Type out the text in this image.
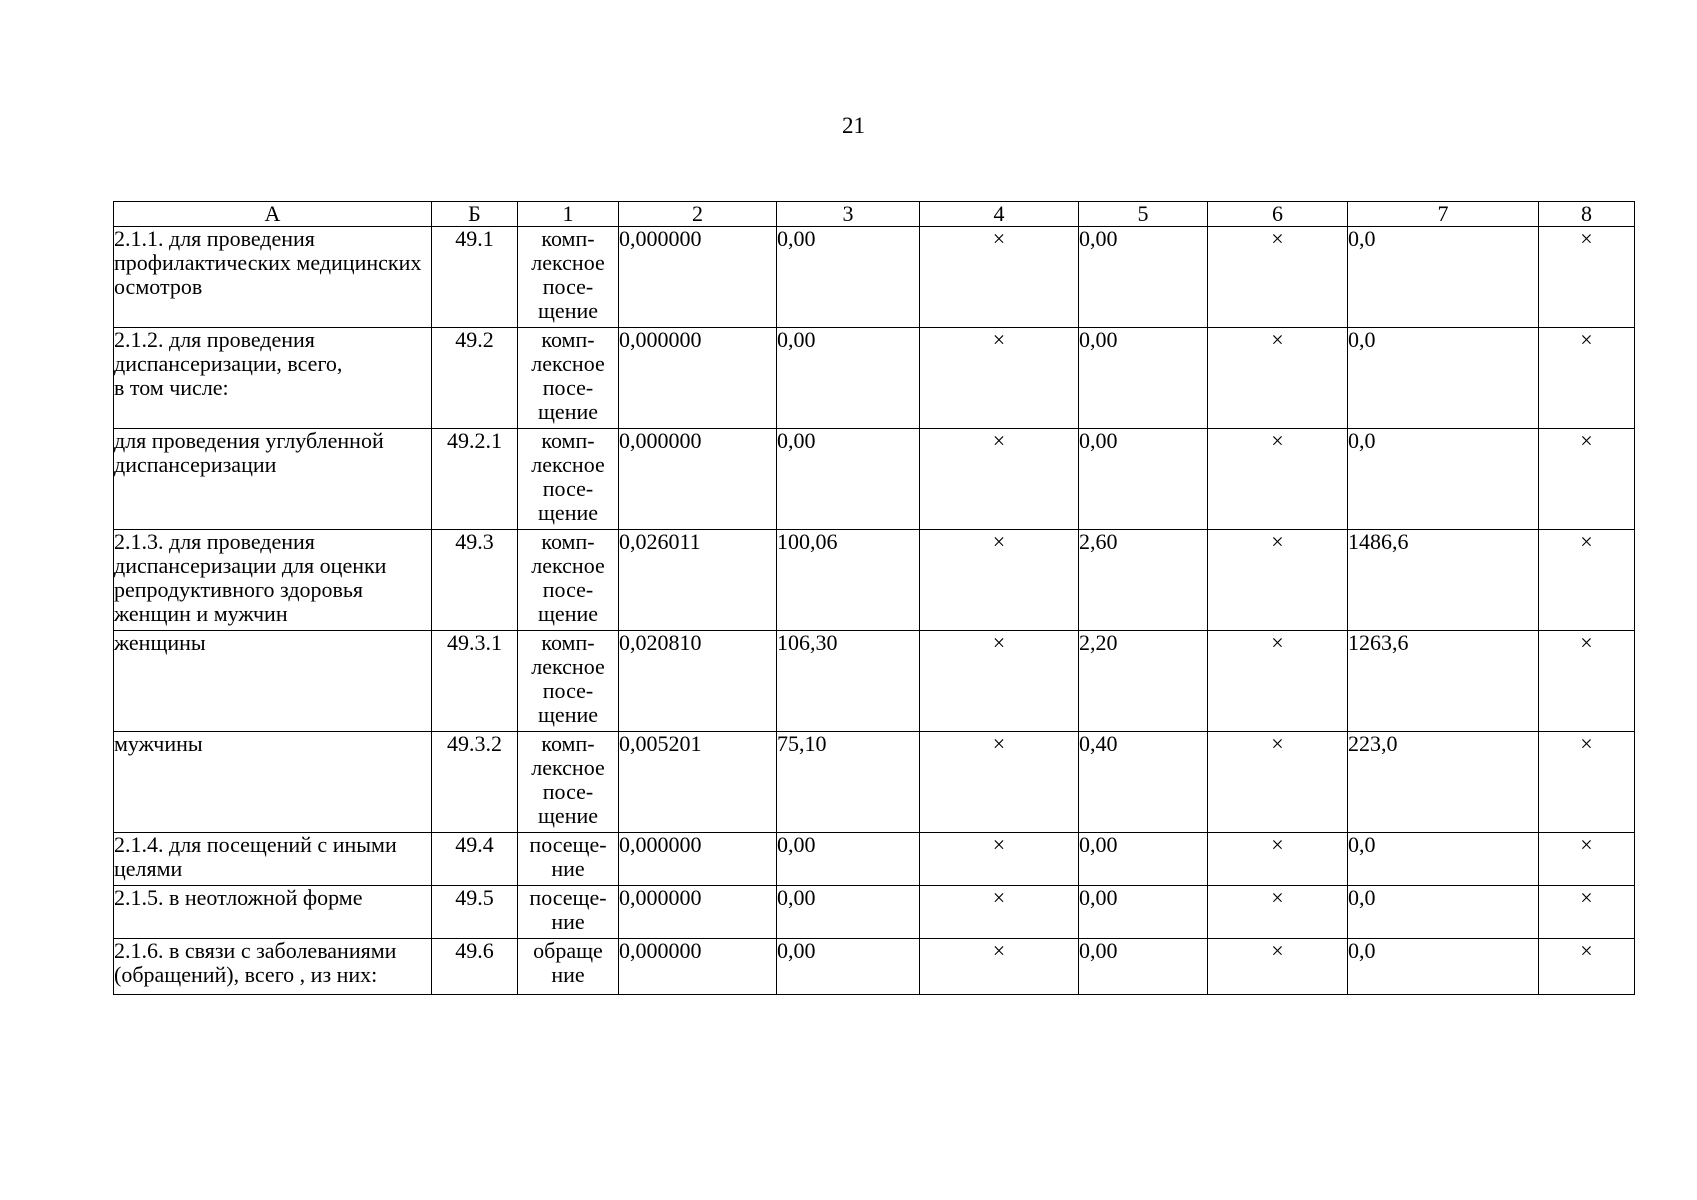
21
А	Б	1	2	3	4	5	6	7	8
2.1.1. для проведения профилактических медицинских осмотров	49.1	комп-
лексное
посе-
щение	0,000000	0,00	×	0,00	×	0,0	×
2.1.2. для проведения диспансеризации, всего,
в том числе:	49.2	комп-
лексное
посе-
щение	0,000000	0,00	×	0,00	×	0,0	×
для проведения углубленной диспансеризации	49.2.1	комп-
лексное
посе-
щение	0,000000	0,00	×	0,00	×	0,0	×
2.1.3. для проведения диспансеризации для оценки репродуктивного здоровья женщин и мужчин	49.3	комп-
лексное
посе-
щение	0,026011	100,06	×	2,60	×	1486,6	×
женщины	49.3.1	комп-
лексное
посе-
щение	0,020810	106,30	×	2,20	×	1263,6	×
мужчины	49.3.2	комп-
лексное
посе-
щение	0,005201	75,10	×	0,40	×	223,0	×
2.1.4. для посещений с иными целями	49.4	посеще-
ние	0,000000	0,00	×	0,00	×	0,0	×
2.1.5. в неотложной форме	49.5	посеще-
ние	0,000000	0,00	×	0,00	×	0,0	×
2.1.6. в связи с заболеваниями (обращений), всего , из них:	49.6	обраще
ние	0,000000	0,00	×	0,00	×	0,0	×
